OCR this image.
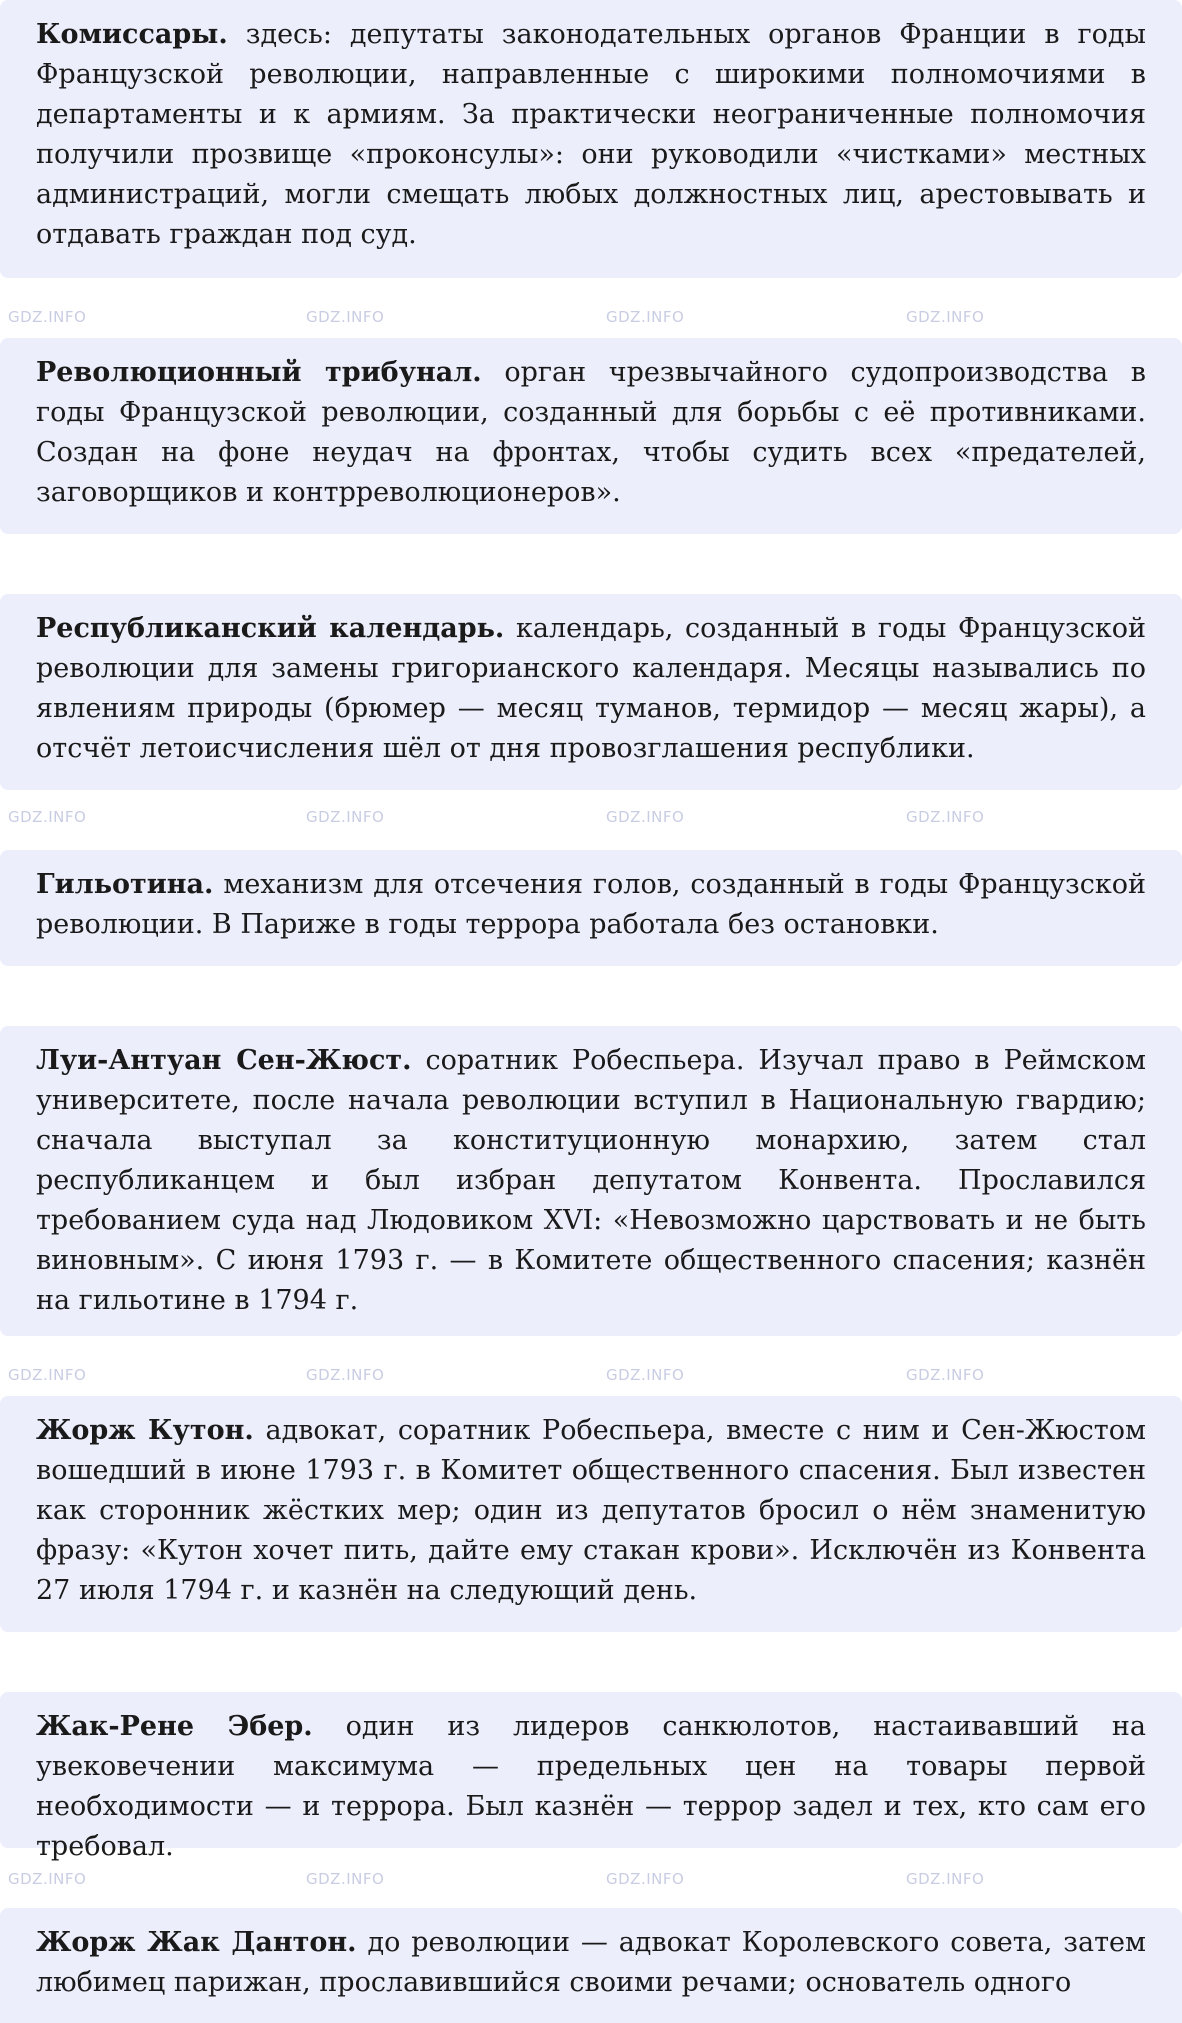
Комиссары. здесь: депутаты законодательных органов Франции в годы Французской революции, направленные с широкими полномочиями в департаменты и к армиям. За практически неограниченные полномочия получили прозвище «проконсулы»: они руководили «чистками» местных администраций, могли смещать любых должностных лиц, арестовывать и отдавать граждан под суд.
Революционный трибунал. орган чрезвычайного судопроизводства в годы Французской революции, созданный для борьбы с её противниками. Создан на фоне неудач на фронтах, чтобы судить всех «предателей, заговорщиков и контрреволюционеров».
Республиканский календарь. календарь, созданный в годы Французской революции для замены григорианского календаря. Месяцы назывались по явлениям природы (брюмер — месяц туманов, термидор — месяц жары), а отсчёт летоисчисления шёл от дня провозглашения республики.
Гильотина. механизм для отсечения голов, созданный в годы Французской революции. В Париже в годы террора работала без остановки.
Луи-Антуан Сен-Жюст. соратник Робеспьера. Изучал право в Реймском университете, после начала революции вступил в Национальную гвардию; сначала выступал за конституционную монархию, затем стал республиканцем и был избран депутатом Конвента. Прославился требованием суда над Людовиком XVI: «Невозможно царствовать и не быть виновным». С июня 1793 г. — в Комитете общественного спасения; казнён на гильотине в 1794 г.
Жорж Кутон. адвокат, соратник Робеспьера, вместе с ним и Сен-Жюстом вошедший в июне 1793 г. в Комитет общественного спасения. Был известен как сторонник жёстких мер; один из депутатов бросил о нём знаменитую фразу: «Кутон хочет пить, дайте ему стакан крови». Исключён из Конвента 27 июля 1794 г. и казнён на следующий день.
Жак-Рене Эбер. один из лидеров санкюлотов, настаивавший на увековечении максимума — предельных цен на товары первой необходимости — и террора. Был казнён — террор задел и тех, кто сам его требовал.
Жорж Жак Дантон. до революции — адвокат Королевского совета, затем любимец парижан, прославившийся своими речами; основатель одного
GDZ.INFO	GDZ.INFO	GDZ.INFO	GDZ.INFO
GDZ.INFO	GDZ.INFO	GDZ.INFO	GDZ.INFO
GDZ.INFO	GDZ.INFO	GDZ.INFO	GDZ.INFO
GDZ.INFO	GDZ.INFO	GDZ.INFO	GDZ.INFO
